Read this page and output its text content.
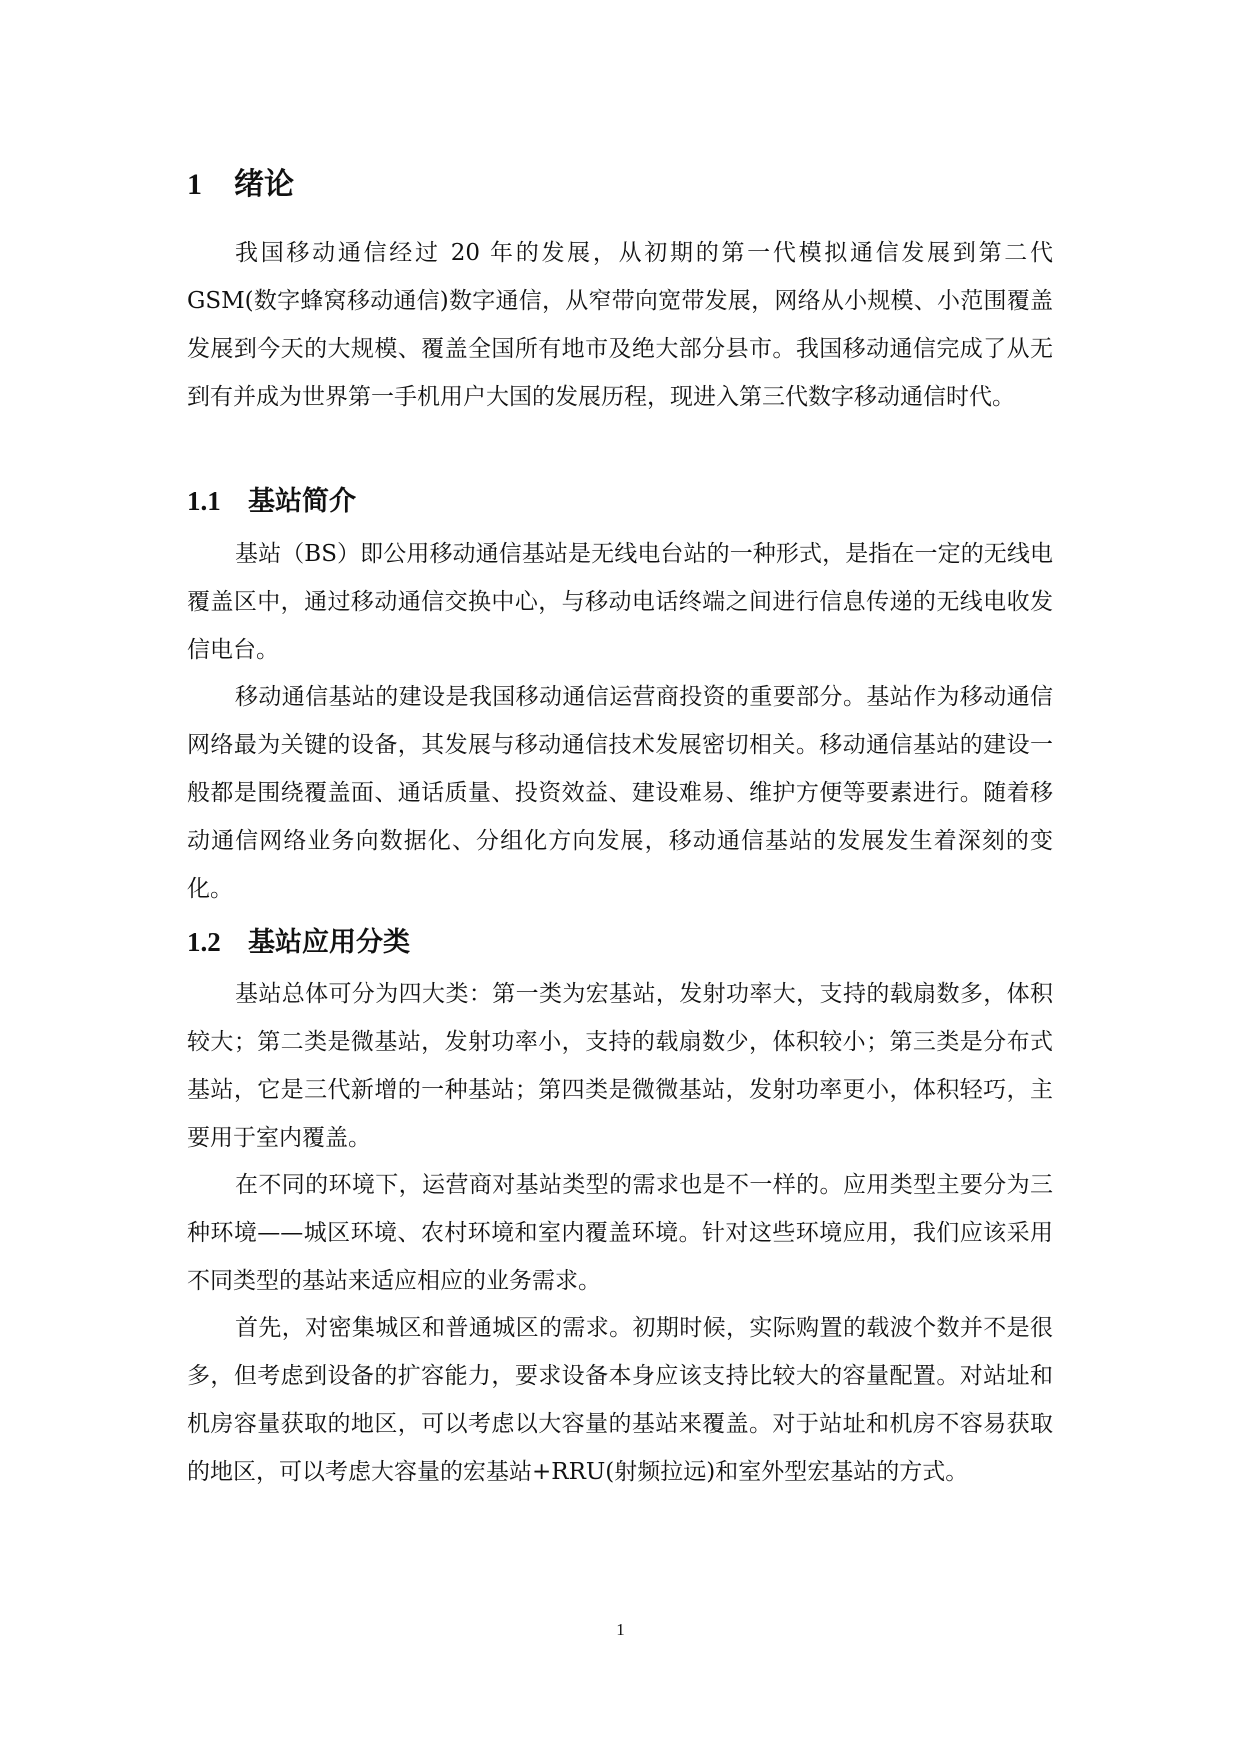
1 绪论

我国移动通信经过 20 年的发展，从初期的第一代模拟通信发展到第二代 GSM(数字蜂窝移动通信)数字通信，从窄带向宽带发展，网络从小规模、小范围覆盖发展到今天的大规模、覆盖全国所有地市及绝大部分县市。我国移动通信完成了从无到有并成为世界第一手机用户大国的发展历程，现进入第三代数字移动通信时代。

1.1 基站简介

基站（BS）即公用移动通信基站是无线电台站的一种形式，是指在一定的无线电覆盖区中，通过移动通信交换中心，与移动电话终端之间进行信息传递的无线电收发信电台。

移动通信基站的建设是我国移动通信运营商投资的重要部分。基站作为移动通信网络最为关键的设备，其发展与移动通信技术发展密切相关。移动通信基站的建设一般都是围绕覆盖面、通话质量、投资效益、建设难易、维护方便等要素进行。随着移动通信网络业务向数据化、分组化方向发展，移动通信基站的发展发生着深刻的变化。

1.2 基站应用分类

基站总体可分为四大类：第一类为宏基站，发射功率大，支持的载扇数多，体积较大；第二类是微基站，发射功率小，支持的载扇数少，体积较小；第三类是分布式基站，它是三代新增的一种基站；第四类是微微基站，发射功率更小，体积轻巧，主要用于室内覆盖。

在不同的环境下，运营商对基站类型的需求也是不一样的。应用类型主要分为三种环境——城区环境、农村环境和室内覆盖环境。针对这些环境应用，我们应该采用不同类型的基站来适应相应的业务需求。

首先，对密集城区和普通城区的需求。初期时候，实际购置的载波个数并不是很多，但考虑到设备的扩容能力，要求设备本身应该支持比较大的容量配置。对站址和机房容量获取的地区，可以考虑以大容量的基站来覆盖。对于站址和机房不容易获取的地区，可以考虑大容量的宏基站+RRU(射频拉远)和室外型宏基站的方式。

1
